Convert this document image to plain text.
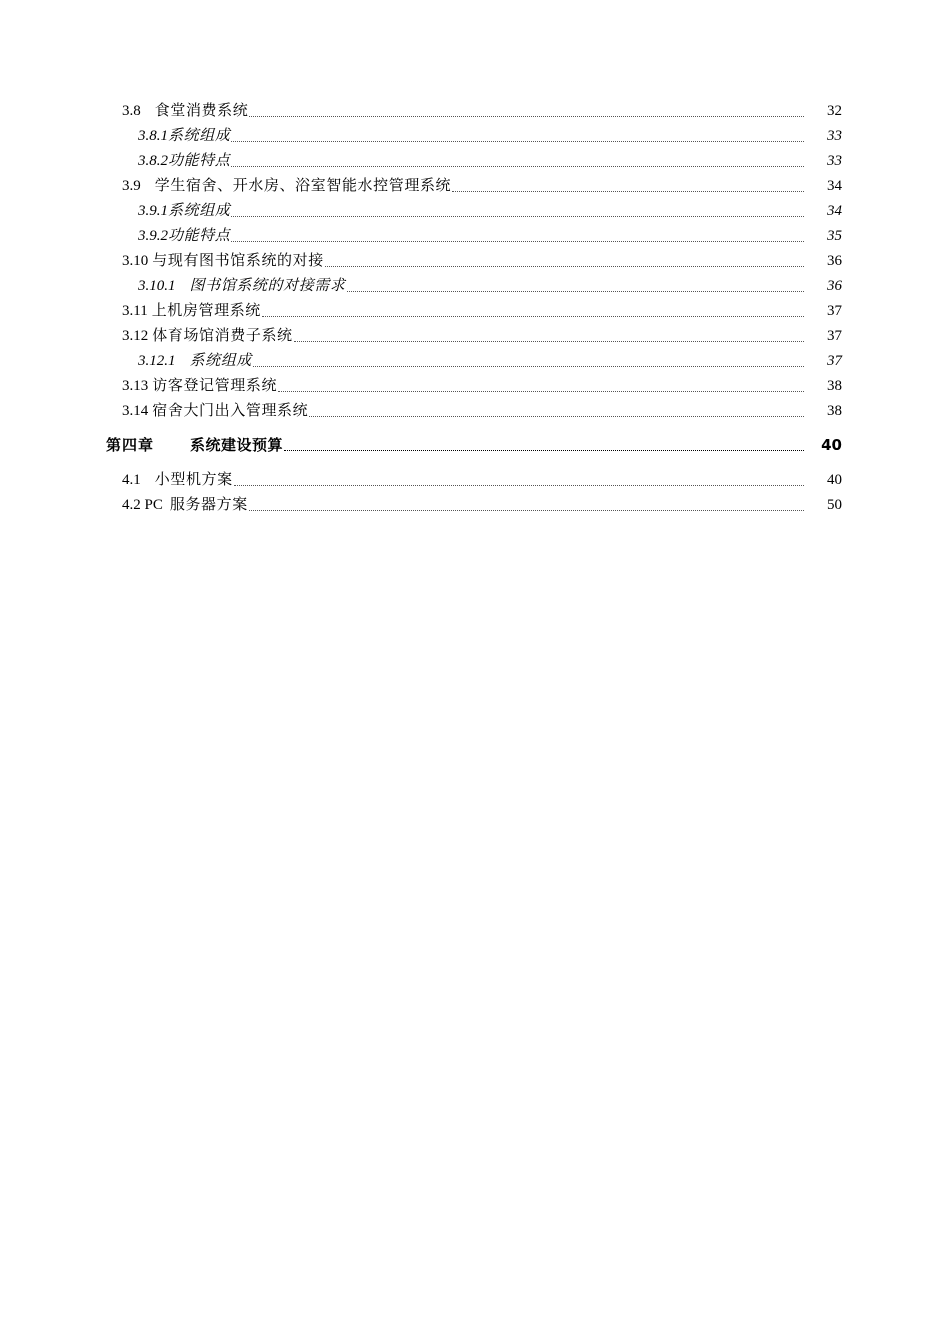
3.8 食堂消费系统	32
3.8.1 系统组成	33
3.8.2 功能特点	33
3.9 学生宿舍、开水房、浴室智能水控管理系统	34
3.9.1 系统组成	34
3.9.2 功能特点	35
3.10 与现有图书馆系统的对接	36
3.10.1 图书馆系统的对接需求	36
3.11 上机房管理系统	37
3.12 体育场馆消费子系统	37
3.12.1 系统组成	37
3.13 访客登记管理系统	38
3.14 宿舍大门出入管理系统	38
第四章	系统建设预算	40
4.1 小型机方案	40
4.2 PC 服务器方案	50
